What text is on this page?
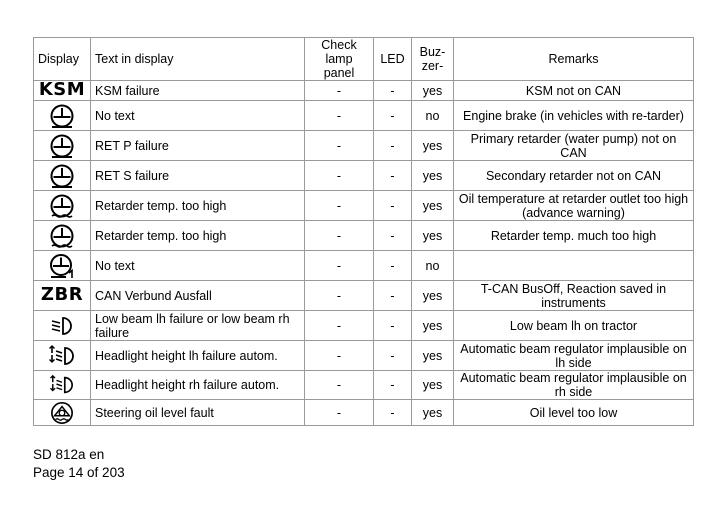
Display	Text in display	Check lamp panel	LED	Buz-zer-	Remarks
KSM	KSM failure	-	-	yes	KSM not on CAN

	No text	-	-	no	Engine brake (in vehicles with re-tarder)

	RET P failure	-	-	yes	Primary retarder (water pump) not on CAN

	RET S failure	-	-	yes	Secondary retarder not on CAN

	Retarder temp. too high	-	-	yes	Oil temperature at retarder outlet too high (advance warning)

	Retarder temp. too high	-	-	yes	Retarder temp. much too high

	No text	-	-	no	
ZBR	CAN Verbund Ausfall	-	-	yes	T-CAN BusOff, Reaction saved in instruments

	Low beam lh failure or low beam rh failure	-	-	yes	Low beam lh on tractor

	Headlight height lh failure autom.	-	-	yes	Automatic beam regulator implausible on lh side

	Headlight height rh failure autom.	-	-	yes	Automatic beam regulator implausible on rh side

	Steering oil level fault	-	-	yes	Oil level too low
SD 812a en
Page 14 of 203
